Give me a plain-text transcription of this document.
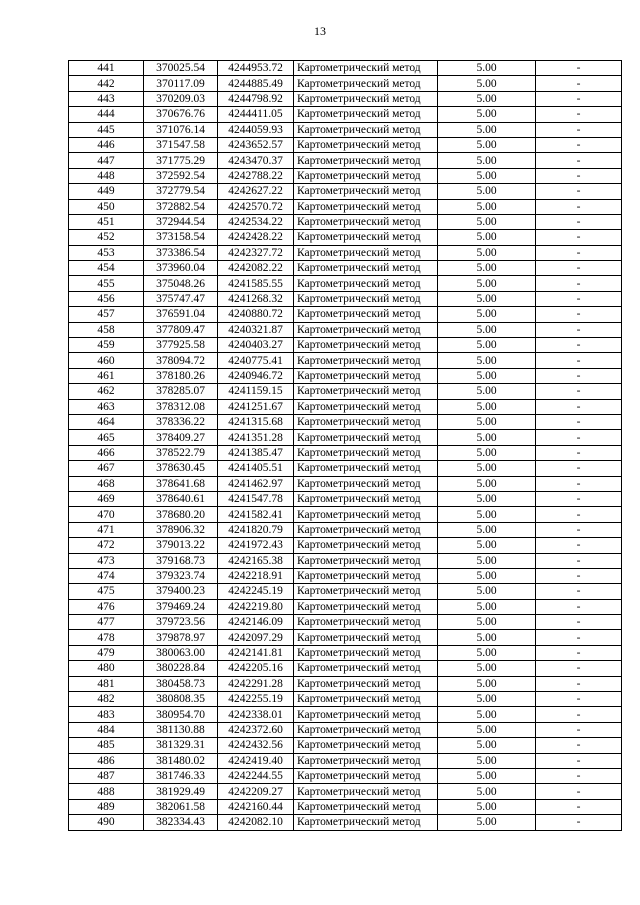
13
441	370025.54	4244953.72	Картометрический метод	5.00	-
442	370117.09	4244885.49	Картометрический метод	5.00	-
443	370209.03	4244798.92	Картометрический метод	5.00	-
444	370676.76	4244411.05	Картометрический метод	5.00	-
445	371076.14	4244059.93	Картометрический метод	5.00	-
446	371547.58	4243652.57	Картометрический метод	5.00	-
447	371775.29	4243470.37	Картометрический метод	5.00	-
448	372592.54	4242788.22	Картометрический метод	5.00	-
449	372779.54	4242627.22	Картометрический метод	5.00	-
450	372882.54	4242570.72	Картометрический метод	5.00	-
451	372944.54	4242534.22	Картометрический метод	5.00	-
452	373158.54	4242428.22	Картометрический метод	5.00	-
453	373386.54	4242327.72	Картометрический метод	5.00	-
454	373960.04	4242082.22	Картометрический метод	5.00	-
455	375048.26	4241585.55	Картометрический метод	5.00	-
456	375747.47	4241268.32	Картометрический метод	5.00	-
457	376591.04	4240880.72	Картометрический метод	5.00	-
458	377809.47	4240321.87	Картометрический метод	5.00	-
459	377925.58	4240403.27	Картометрический метод	5.00	-
460	378094.72	4240775.41	Картометрический метод	5.00	-
461	378180.26	4240946.72	Картометрический метод	5.00	-
462	378285.07	4241159.15	Картометрический метод	5.00	-
463	378312.08	4241251.67	Картометрический метод	5.00	-
464	378336.22	4241315.68	Картометрический метод	5.00	-
465	378409.27	4241351.28	Картометрический метод	5.00	-
466	378522.79	4241385.47	Картометрический метод	5.00	-
467	378630.45	4241405.51	Картометрический метод	5.00	-
468	378641.68	4241462.97	Картометрический метод	5.00	-
469	378640.61	4241547.78	Картометрический метод	5.00	-
470	378680.20	4241582.41	Картометрический метод	5.00	-
471	378906.32	4241820.79	Картометрический метод	5.00	-
472	379013.22	4241972.43	Картометрический метод	5.00	-
473	379168.73	4242165.38	Картометрический метод	5.00	-
474	379323.74	4242218.91	Картометрический метод	5.00	-
475	379400.23	4242245.19	Картометрический метод	5.00	-
476	379469.24	4242219.80	Картометрический метод	5.00	-
477	379723.56	4242146.09	Картометрический метод	5.00	-
478	379878.97	4242097.29	Картометрический метод	5.00	-
479	380063.00	4242141.81	Картометрический метод	5.00	-
480	380228.84	4242205.16	Картометрический метод	5.00	-
481	380458.73	4242291.28	Картометрический метод	5.00	-
482	380808.35	4242255.19	Картометрический метод	5.00	-
483	380954.70	4242338.01	Картометрический метод	5.00	-
484	381130.88	4242372.60	Картометрический метод	5.00	-
485	381329.31	4242432.56	Картометрический метод	5.00	-
486	381480.02	4242419.40	Картометрический метод	5.00	-
487	381746.33	4242244.55	Картометрический метод	5.00	-
488	381929.49	4242209.27	Картометрический метод	5.00	-
489	382061.58	4242160.44	Картометрический метод	5.00	-
490	382334.43	4242082.10	Картометрический метод	5.00	-
